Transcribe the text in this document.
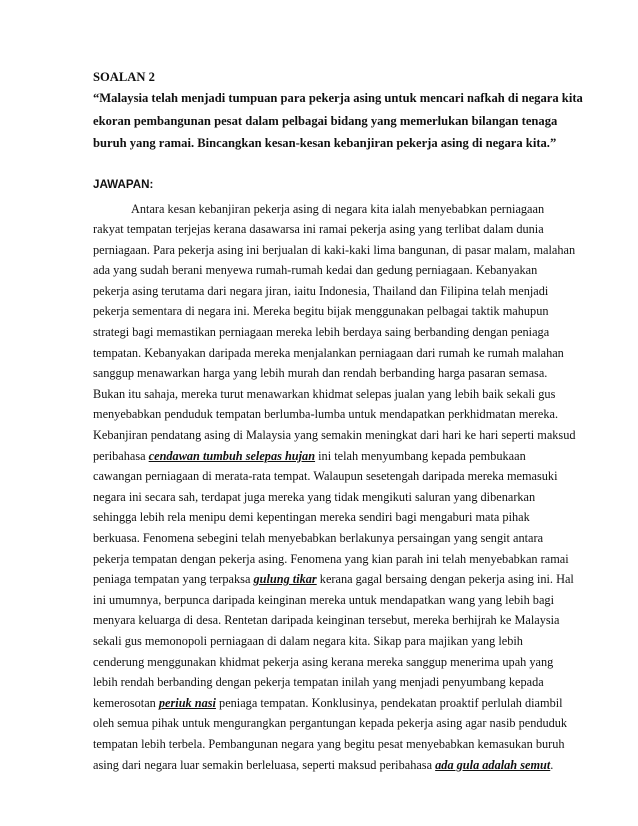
SOALAN 2

“Malaysia telah menjadi tumpuan para pekerja asing untuk mencari nafkah di negara kita
ekoran pembangunan pesat dalam pelbagai bidang yang memerlukan bilangan tenaga
buruh yang ramai. Bincangkan kesan-kesan kebanjiran pekerja asing di negara kita.”

JAWAPAN:

Antara kesan kebanjiran pekerja asing di negara kita ialah menyebabkan perniagaan
rakyat tempatan terjejas kerana dasawarsa ini ramai pekerja asing yang terlibat dalam dunia
perniagaan. Para pekerja asing ini berjualan di kaki-kaki lima bangunan, di pasar malam, malahan
ada yang sudah berani menyewa rumah-rumah kedai dan gedung perniagaan. Kebanyakan
pekerja asing terutama dari negara jiran, iaitu Indonesia, Thailand dan Filipina telah menjadi
pekerja sementara di negara ini. Mereka begitu bijak menggunakan pelbagai taktik mahupun
strategi bagi memastikan perniagaan mereka lebih berdaya saing berbanding dengan peniaga
tempatan. Kebanyakan daripada mereka menjalankan perniagaan dari rumah ke rumah malahan
sanggup menawarkan harga yang lebih murah dan rendah berbanding harga pasaran semasa.
Bukan itu sahaja, mereka turut menawarkan khidmat selepas jualan yang lebih baik sekali gus
menyebabkan penduduk tempatan berlumba-lumba untuk mendapatkan perkhidmatan mereka.
Kebanjiran pendatang asing di Malaysia yang semakin meningkat dari hari ke hari seperti maksud
peribahasa cendawan tumbuh selepas hujan ini telah menyumbang kepada pembukaan
cawangan perniagaan di merata-rata tempat. Walaupun sesetengah daripada mereka memasuki
negara ini secara sah, terdapat juga mereka yang tidak mengikuti saluran yang dibenarkan
sehingga lebih rela menipu demi kepentingan mereka sendiri bagi mengaburi mata pihak
berkuasa. Fenomena sebegini telah menyebabkan berlakunya persaingan yang sengit antara
pekerja tempatan dengan pekerja asing. Fenomena yang kian parah ini telah menyebabkan ramai
peniaga tempatan yang terpaksa gulung tikar kerana gagal bersaing dengan pekerja asing ini. Hal
ini umumnya, berpunca daripada keinginan mereka untuk mendapatkan wang yang lebih bagi
menyara keluarga di desa. Rentetan daripada keinginan tersebut, mereka berhijrah ke Malaysia
sekali gus memonopoli perniagaan di dalam negara kita. Sikap para majikan yang lebih
cenderung menggunakan khidmat pekerja asing kerana mereka sanggup menerima upah yang
lebih rendah berbanding dengan pekerja tempatan inilah yang menjadi penyumbang kepada
kemerosotan periuk nasi peniaga tempatan. Konklusinya, pendekatan proaktif perlulah diambil
oleh semua pihak untuk mengurangkan pergantungan kepada pekerja asing agar nasib penduduk
tempatan lebih terbela. Pembangunan negara yang begitu pesat menyebabkan kemasukan buruh
asing dari negara luar semakin berleluasa, seperti maksud peribahasa ada gula adalah semut.
